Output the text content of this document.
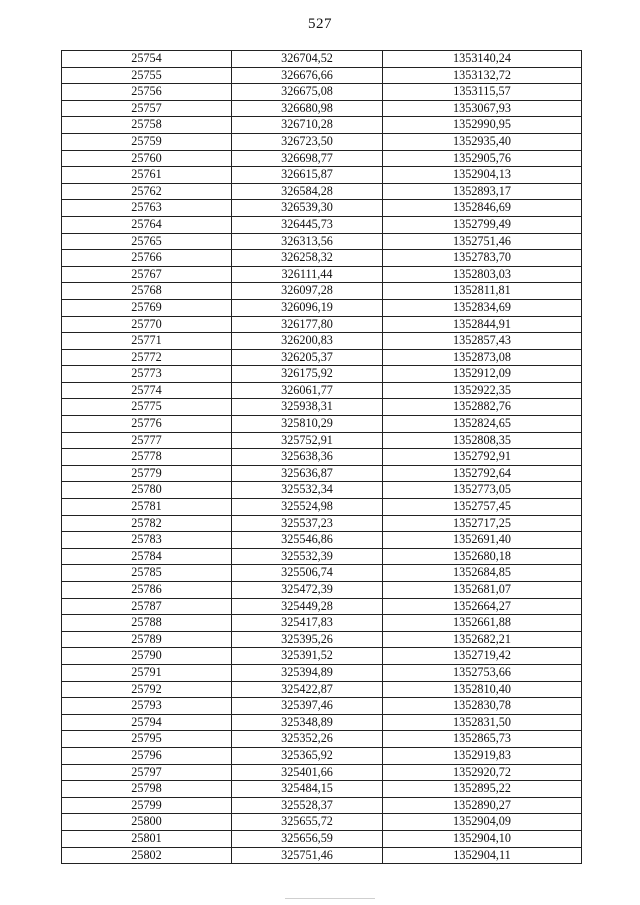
527
25754	326704,52	1353140,24
25755	326676,66	1353132,72
25756	326675,08	1353115,57
25757	326680,98	1353067,93
25758	326710,28	1352990,95
25759	326723,50	1352935,40
25760	326698,77	1352905,76
25761	326615,87	1352904,13
25762	326584,28	1352893,17
25763	326539,30	1352846,69
25764	326445,73	1352799,49
25765	326313,56	1352751,46
25766	326258,32	1352783,70
25767	326111,44	1352803,03
25768	326097,28	1352811,81
25769	326096,19	1352834,69
25770	326177,80	1352844,91
25771	326200,83	1352857,43
25772	326205,37	1352873,08
25773	326175,92	1352912,09
25774	326061,77	1352922,35
25775	325938,31	1352882,76
25776	325810,29	1352824,65
25777	325752,91	1352808,35
25778	325638,36	1352792,91
25779	325636,87	1352792,64
25780	325532,34	1352773,05
25781	325524,98	1352757,45
25782	325537,23	1352717,25
25783	325546,86	1352691,40
25784	325532,39	1352680,18
25785	325506,74	1352684,85
25786	325472,39	1352681,07
25787	325449,28	1352664,27
25788	325417,83	1352661,88
25789	325395,26	1352682,21
25790	325391,52	1352719,42
25791	325394,89	1352753,66
25792	325422,87	1352810,40
25793	325397,46	1352830,78
25794	325348,89	1352831,50
25795	325352,26	1352865,73
25796	325365,92	1352919,83
25797	325401,66	1352920,72
25798	325484,15	1352895,22
25799	325528,37	1352890,27
25800	325655,72	1352904,09
25801	325656,59	1352904,10
25802	325751,46	1352904,11
